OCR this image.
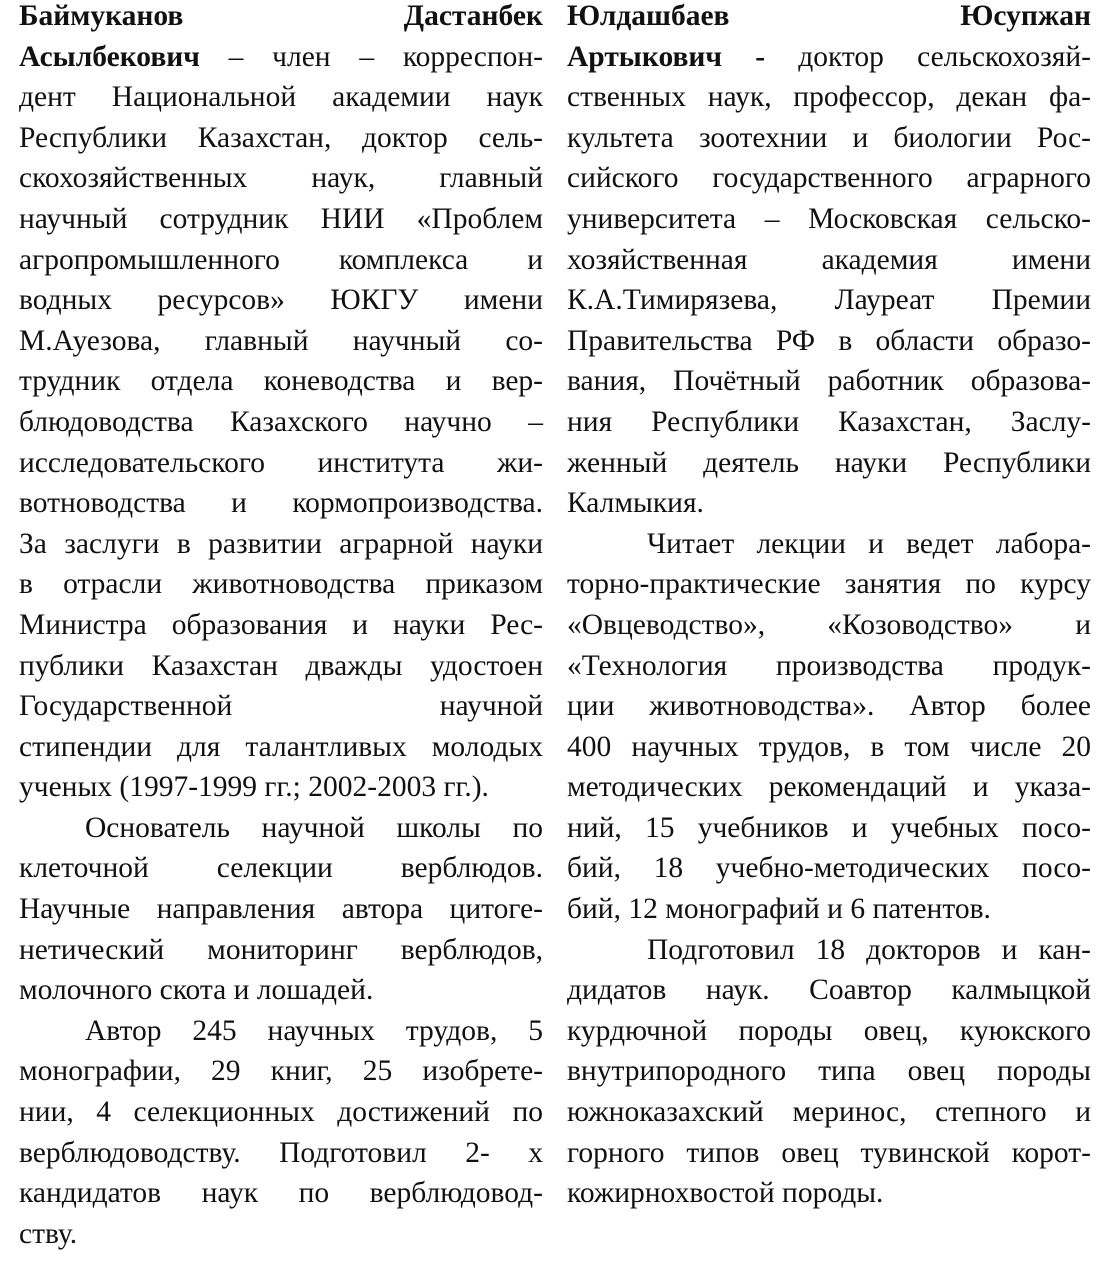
Баймуканов	Дастанбек
Асылбекович – член – корреспон-
дент Национальной академии наук
Республики Казахстан, доктор сель-
скохозяйственных наук, главный
научный сотрудник НИИ «Проблем
агропромышленного комплекса и
водных ресурсов» ЮКГУ имени
М.Ауезова, главный научный со-
трудник отдела коневодства и вер-
блюдоводства Казахского научно –
исследовательского института жи-
вотноводства и кормопроизводства.
За заслуги в развитии аграрной науки
в отрасли животноводства приказом
Министра образования и науки Рес-
публики Казахстан дважды удостоен
Государственной научной
стипендии для талантливых молодых
ученых (1997-1999 гг.; 2002-2003 гг.).
Основатель научной школы по
клеточной селекции верблюдов.
Научные направления автора цитоге-
нетический мониторинг верблюдов,
молочного скота и лошадей.
Автор 245 научных трудов, 5
монографии, 29 книг, 25 изобрете-
нии, 4 селекционных достижений по
верблюдоводству. Подготовил 2- х
кандидатов наук по верблюдовод-
ству.
Юлдашбаев	Юсупжан
Артыкович - доктор сельскохозяй-
ственных наук, профессор, декан фа-
культета зоотехнии и биологии Рос-
сийского государственного аграрного
университета – Московская сельско-
хозяйственная академия имени
К.А.Тимирязева, Лауреат Премии
Правительства РФ в области образо-
вания, Почётный работник образова-
ния Республики Казахстан, Заслу-
женный деятель науки Республики
Калмыкия.
Читает лекции и ведет лабора-
торно-практические занятия по курсу
«Овцеводство», «Козоводство» и
«Технология производства продук-
ции животноводства». Автор более
400 научных трудов, в том числе 20
методических рекомендаций и указа-
ний, 15 учебников и учебных посо-
бий, 18 учебно-методических посо-
бий, 12 монографий и 6 патентов.
Подготовил 18 докторов и кан-
дидатов наук. Соавтор калмыцкой
курдючной породы овец, куюкского
внутрипородного типа овец породы
южноказахский меринос, степного и
горного типов овец тувинской корот-
кожирнохвостой породы.
